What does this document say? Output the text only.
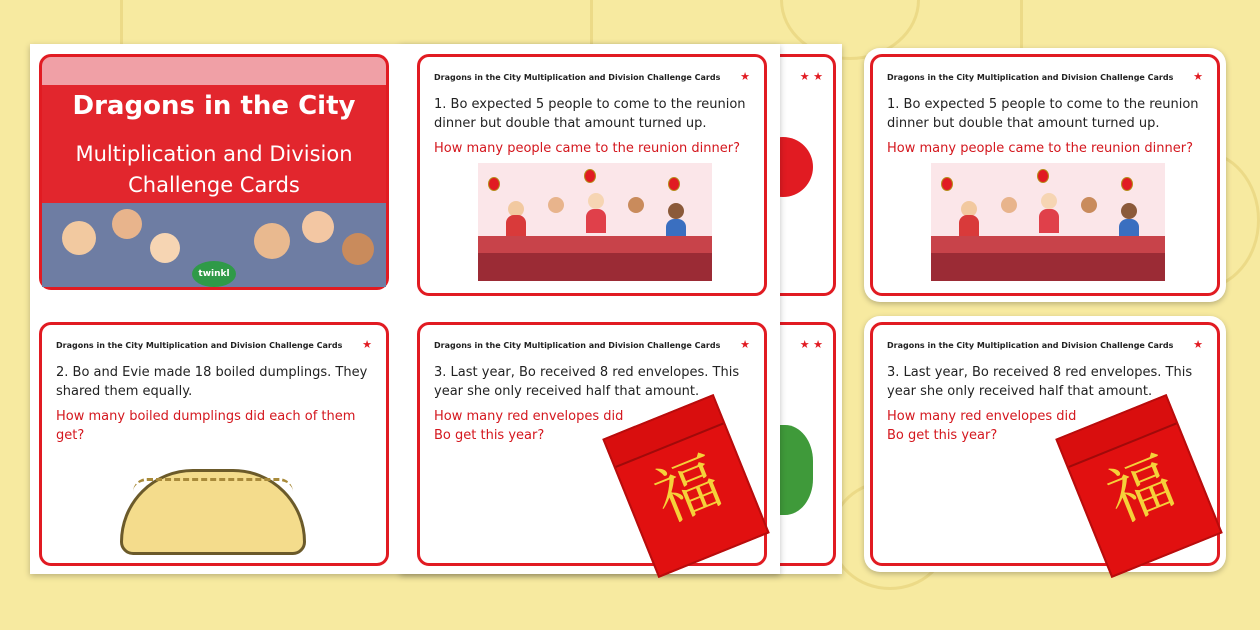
★ ★
★ ★
Dragons in the City
Multiplication and Division
Challenge Cards
twinkl
Dragons in the City Multiplication and Division Challenge Cards ★
1. Bo expected 5 people to come to the reunion dinner but double that amount turned up.
How many people came to the reunion dinner?
Dragons in the City Multiplication and Division Challenge Cards ★
2. Bo and Evie made 18 boiled dumplings. They shared them equally.
How many boiled dumplings did each of them get?
Dragons in the City Multiplication and Division Challenge Cards ★
3. Last year, Bo received 8 red envelopes. This year she only received half that amount.
How many red envelopes did
Bo get this year?
福
Dragons in the City Multiplication and Division Challenge Cards ★
1. Bo expected 5 people to come to the reunion dinner but double that amount turned up.
How many people came to the reunion dinner?
Dragons in the City Multiplication and Division Challenge Cards ★
3. Last year, Bo received 8 red envelopes. This year she only received half that amount.
How many red envelopes did
Bo get this year?
福
